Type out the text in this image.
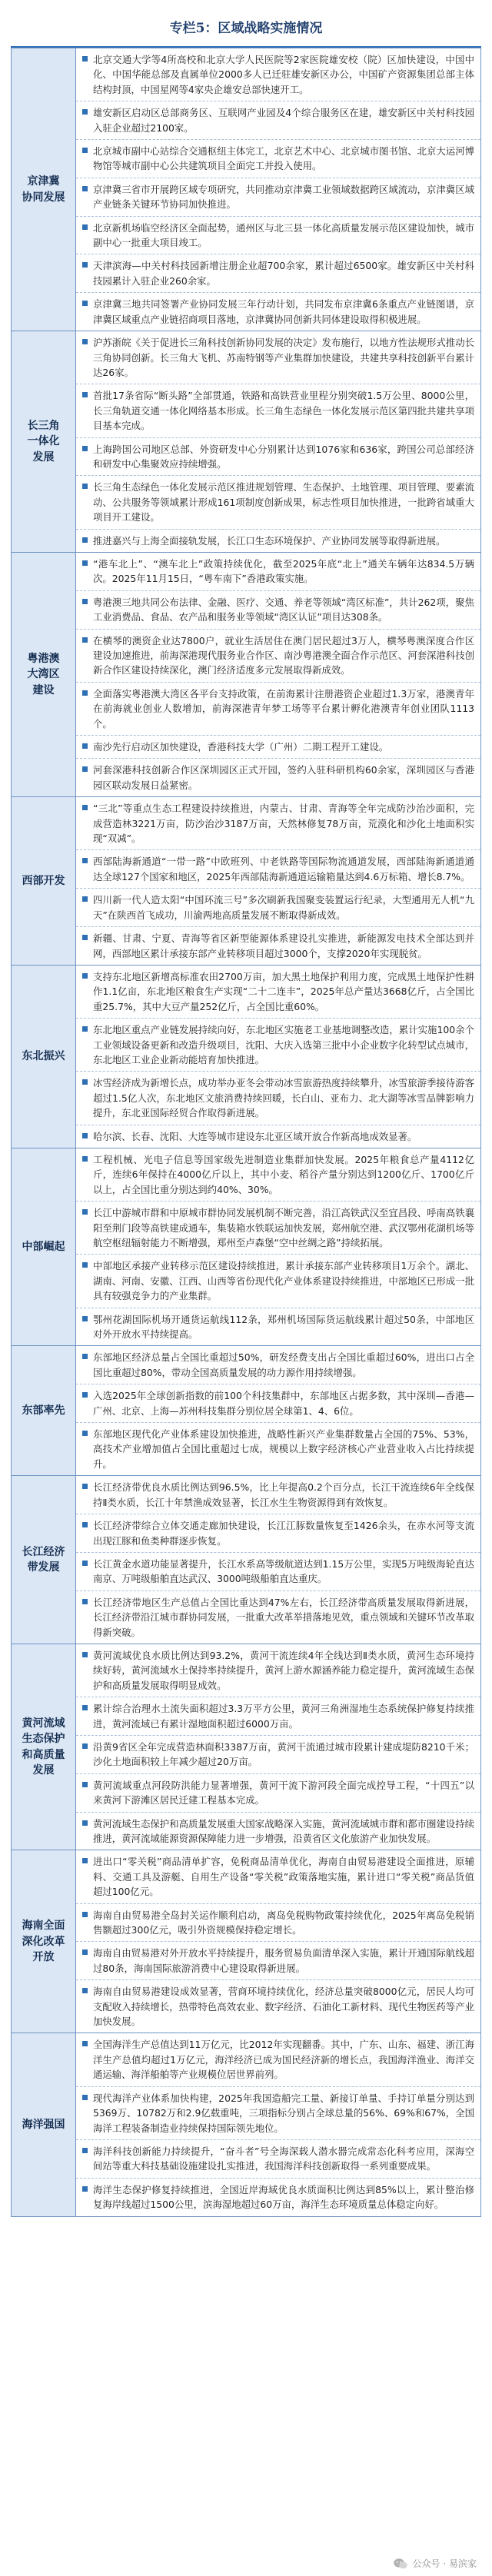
专栏5：区域战略实施情况
京津冀
协同发展
北京交通大学等4所高校和北京大学人民医院等2家医院雄安校（院）区加快建设，中国中化、中国华能总部及直属单位2000多人已迁驻雄安新区办公，中国矿产资源集团总部主体结构封顶，中国星网等4家央企雄安总部快速开工。
雄安新区启动区总部商务区、互联网产业园及4个综合服务区在建，雄安新区中关村科技园入驻企业超过2100家。
北京城市副中心站综合交通枢纽主体完工，北京艺术中心、北京城市图书馆、北京大运河博物馆等城市副中心公共建筑项目全面完工并投入使用。
京津冀三省市开展跨区域专项研究，共同推动京津冀工业领域数据跨区域流动，京津冀区域产业链条关键环节协同加快推进。
北京新机场临空经济区全面起势，通州区与北三县一体化高质量发展示范区建设加快，城市副中心一批重大项目竣工。
天津滨海—中关村科技园新增注册企业超700余家，累计超过6500家。雄安新区中关村科技园累计入驻企业260余家。
京津冀三地共同签署产业协同发展三年行动计划，共同发布京津冀6条重点产业链图谱，京津冀区域重点产业链招商项目落地，京津冀协同创新共同体建设取得积极进展。
长三角
一体化
发展
沪苏浙皖《关于促进长三角科技创新协同发展的决定》发布施行，以地方性法规形式推动长三角协同创新。长三角大飞机、苏南特钢等产业集群加快建设，共建共享科技创新平台累计达26家。
首批17条省际“断头路”全部贯通，铁路和高铁营业里程分别突破1.5万公里、8000公里，长三角轨道交通一体化网络基本形成。长三角生态绿色一体化发展示范区第四批共建共享项目基本完成。
上海跨国公司地区总部、外资研发中心分别累计达到1076家和636家，跨国公司总部经济和研发中心集聚效应持续增强。
长三角生态绿色一体化发展示范区推进规划管理、生态保护、土地管理、项目管理、要素流动、公共服务等领域累计形成161项制度创新成果，标志性项目加快推进，一批跨省域重大项目开工建设。
推进嘉兴与上海全面接轨发展，长江口生态环境保护、产业协同发展等取得新进展。
粤港澳
大湾区
建设
“港车北上”、“澳车北上”政策持续优化，截至2025年底“北上”通关车辆年达834.5万辆次。2025年11月15日，“粤车南下”香港政策实施。
粤港澳三地共同公布法律、金融、医疗、交通、养老等领域“湾区标准”，共计262项，聚焦工业消费品、食品、农产品和服务业等领域“湾区认证”项目达308条。
在横琴的澳资企业达7800户，就业生活居住在澳门居民超过3万人，横琴粤澳深度合作区建设加速推进，前海深港现代服务业合作区、南沙粤港澳全面合作示范区、河套深港科技创新合作区建设持续深化，澳门经济适度多元发展取得新成效。
全面落实粤港澳大湾区各平台支持政策，在前海累计注册港资企业超过1.3万家，港澳青年在前海就业创业人数增加，前海深港青年梦工场等平台累计孵化港澳青年创业团队1113个。
南沙先行启动区加快建设，香港科技大学（广州）二期工程开工建设。
河套深港科技创新合作区深圳园区正式开园，签约入驻科研机构60余家，深圳园区与香港园区联动发展日益紧密。
西部开发
“三北”等重点生态工程建设持续推进，内蒙古、甘肃、青海等全年完成防沙治沙面积，完成营造林3221万亩，防沙治沙3187万亩，天然林修复78万亩，荒漠化和沙化土地面积实现“双减”。
西部陆海新通道“一带一路”中欧班列、中老铁路等国际物流通道发展，西部陆海新通道通达全球127个国家和地区，2025年西部陆海新通道运输箱量达到4.6万标箱、增长8.7%。
四川新一代人造太阳“中国环流三号”多次刷新我国聚变装置运行纪录，大型通用无人机“九天”在陕西首飞成功，川渝两地高质量发展不断取得新成效。
新疆、甘肃、宁夏、青海等省区新型能源体系建设扎实推进，新能源发电技术全部达到并网，西部地区累计承接东部产业转移项目超过3000个，支撑2020年实现脱贫。
东北振兴
支持东北地区新增高标准农田2700万亩，加大黑土地保护利用力度，完成黑土地保护性耕作1.1亿亩，东北地区粮食生产实现“二十二连丰”，2025年总产量达3668亿斤，占全国比重25.7%，其中大豆产量252亿斤，占全国比重60%。
东北地区重点产业链发展持续向好，东北地区实施老工业基地调整改造，累计实施100余个工业领域设备更新和改造升级项目，沈阳、大庆入选第三批中小企业数字化转型试点城市，东北地区工业企业新动能培育加快推进。
冰雪经济成为新增长点，成功举办亚冬会带动冰雪旅游热度持续攀升，冰雪旅游季接待游客超过1.5亿人次，东北地区文旅消费持续回暖，长白山、亚布力、北大湖等冰雪品牌影响力提升，东北亚国际经贸合作取得新进展。
哈尔滨、长春、沈阳、大连等城市建设东北亚区域开放合作新高地成效显著。
中部崛起
工程机械、光电子信息等国家级先进制造业集群加快发展。2025年粮食总产量4112亿斤，连续6年保持在4000亿斤以上，其中小麦、稻谷产量分别达到1200亿斤、1700亿斤以上，占全国比重分别达到约40%、30%。
长江中游城市群和中原城市群协同发展机制不断完善，沿江高铁武汉至宜昌段、呼南高铁襄阳至荆门段等高铁建成通车，集装箱水铁联运加快发展，郑州航空港、武汉鄂州花湖机场等航空枢纽辐射能力不断增强，郑州至卢森堡“空中丝绸之路”持续拓展。
中部地区承接产业转移示范区建设持续推进，累计承接东部产业转移项目1万余个。湖北、湖南、河南、安徽、江西、山西等省份现代化产业体系建设持续推进，中部地区已形成一批具有较强竞争力的产业集群。
鄂州花湖国际机场开通货运航线112条，郑州机场国际货运航线累计超过50条，中部地区对外开放水平持续提高。
东部率先
东部地区经济总量占全国比重超过50%，研发经费支出占全国比重超过60%，进出口占全国比重超过80%，带动全国高质量发展的动力源作用持续增强。
入选2025年全球创新指数的前100个科技集群中，东部地区占据多数，其中深圳—香港—广州、北京、上海—苏州科技集群分别位居全球第1、4、6位。
东部地区现代化产业体系建设加快推进，战略性新兴产业集群数量占全国的75%、53%，高技术产业增加值占全国比重超过七成，规模以上数字经济核心产业营业收入占比持续提升。
长江经济
带发展
长江经济带优良水质比例达到96.5%，比上年提高0.2个百分点，长江干流连续6年全线保持Ⅱ类水质，长江十年禁渔成效显著，长江水生生物资源得到有效恢复。
长江经济带综合立体交通走廊加快建设，长江江豚数量恢复至1426余头，在赤水河等支流出现江豚和鱼类种群逐步恢复。
长江黄金水道功能显著提升，长江水系高等级航道达到1.15万公里，实现5万吨级海轮直达南京、万吨级船舶直达武汉、3000吨级船舶直达重庆。
长江经济带地区生产总值占全国比重达到47%左右，长江经济带高质量发展取得新进展，长江经济带沿江城市群协同发展，一批重大改革举措落地见效，重点领域和关键环节改革取得新突破。
黄河流域
生态保护
和高质量
发展
黄河流域优良水质比例达到93.2%，黄河干流连续4年全线达到Ⅱ类水质，黄河生态环境持续好转，黄河流域水土保持率持续提升，黄河上游水源涵养能力稳定提升，黄河流域生态保护和高质量发展取得明显成效。
累计综合治理水土流失面积超过3.3万平方公里，黄河三角洲湿地生态系统保护修复持续推进，黄河流域已有累计湿地面积超过6000万亩。
沿黄9省区全年完成营造林面积3387万亩，黄河干流通过城市段累计建成堤防8210千米；沙化土地面积较上年减少超过20万亩。
黄河流域重点河段防洪能力显著增强，黄河干流下游河段全面完成控导工程，“十四五”以来黄河下游滩区居民迁建工程基本完成。
黄河流域生态保护和高质量发展重大国家战略深入实施，黄河流域城市群和都市圈建设持续推进，黄河流域能源资源保障能力进一步增强，沿黄省区文化旅游产业加快发展。
海南全面
深化改革
开放
进出口“零关税”商品清单扩容，免税商品清单优化，海南自由贸易港建设全面推进，原辅料、交通工具及游艇、自用生产设备“零关税”政策落地实施，累计进口“零关税”商品货值超过100亿元。
海南自由贸易港全岛封关运作顺利启动，离岛免税购物政策持续优化，2025年离岛免税销售额超过300亿元，吸引外资规模保持稳定增长。
海南自由贸易港对外开放水平持续提升，服务贸易负面清单深入实施，累计开通国际航线超过80条，海南国际旅游消费中心建设取得新进展。
海南自由贸易港建设成效显著，营商环境持续优化，经济总量突破8000亿元，居民人均可支配收入持续增长，热带特色高效农业、数字经济、石油化工新材料、现代生物医药等产业加快发展。
海洋强国
全国海洋生产总值达到11万亿元，比2012年实现翻番。其中，广东、山东、福建、浙江海洋生产总值均超过1万亿元，海洋经济已成为国民经济新的增长点，我国海洋渔业、海洋交通运输、海洋船舶等产业规模位居世界前列。
现代海洋产业体系加快构建，2025年我国造船完工量、新接订单量、手持订单量分别达到5369万、10782万和2.9亿载重吨，三项指标分别占全球总量的56%、69%和67%，全国海洋工程装备制造业持续保持国际领先地位。
海洋科技创新能力持续提升，“奋斗者”号全海深载人潜水器完成常态化科考应用，深海空间站等重大科技基础设施建设扎实推进，我国海洋科技创新取得一系列重要成果。
海洋生态保护修复持续推进，全国近岸海域优良水质面积比例达到85%以上，累计整治修复海岸线超过1500公里，滨海湿地超过60万亩，海洋生态环境质量总体稳定向好。
公众号 · 易滨家
